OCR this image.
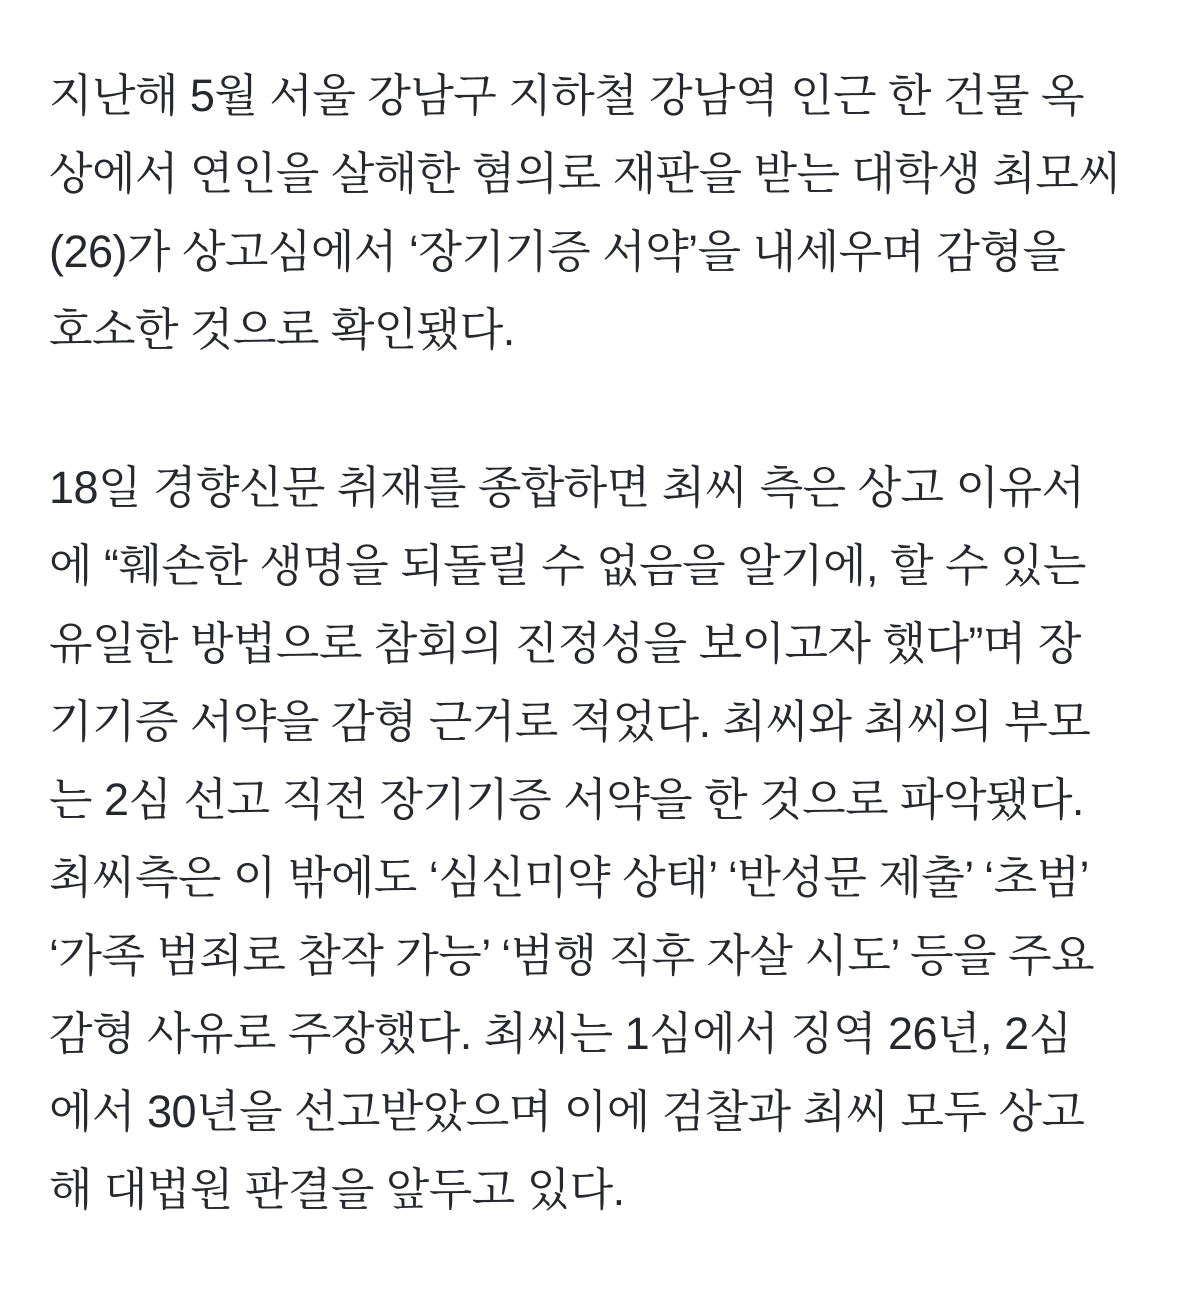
지난해 5월 서울 강남구 지하철 강남역 인근 한 건물 옥
상에서 연인을 살해한 혐의로 재판을 받는 대학생 최모씨
(26)가 상고심에서 ‘장기기증 서약’을 내세우며 감형을
호소한 것으로 확인됐다.

18일 경향신문 취재를 종합하면 최씨 측은 상고 이유서
에 “훼손한 생명을 되돌릴 수 없음을 알기에, 할 수 있는
유일한 방법으로 참회의 진정성을 보이고자 했다”며 장
기기증 서약을 감형 근거로 적었다. 최씨와 최씨의 부모
는 2심 선고 직전 장기기증 서약을 한 것으로 파악됐다.
최씨측은 이 밖에도 ‘심신미약 상태’ ‘반성문 제출’ ‘초범’
‘가족 범죄로 참작 가능’ ‘범행 직후 자살 시도’ 등을 주요
감형 사유로 주장했다. 최씨는 1심에서 징역 26년, 2심
에서 30년을 선고받았으며 이에 검찰과 최씨 모두 상고
해 대법원 판결을 앞두고 있다.
